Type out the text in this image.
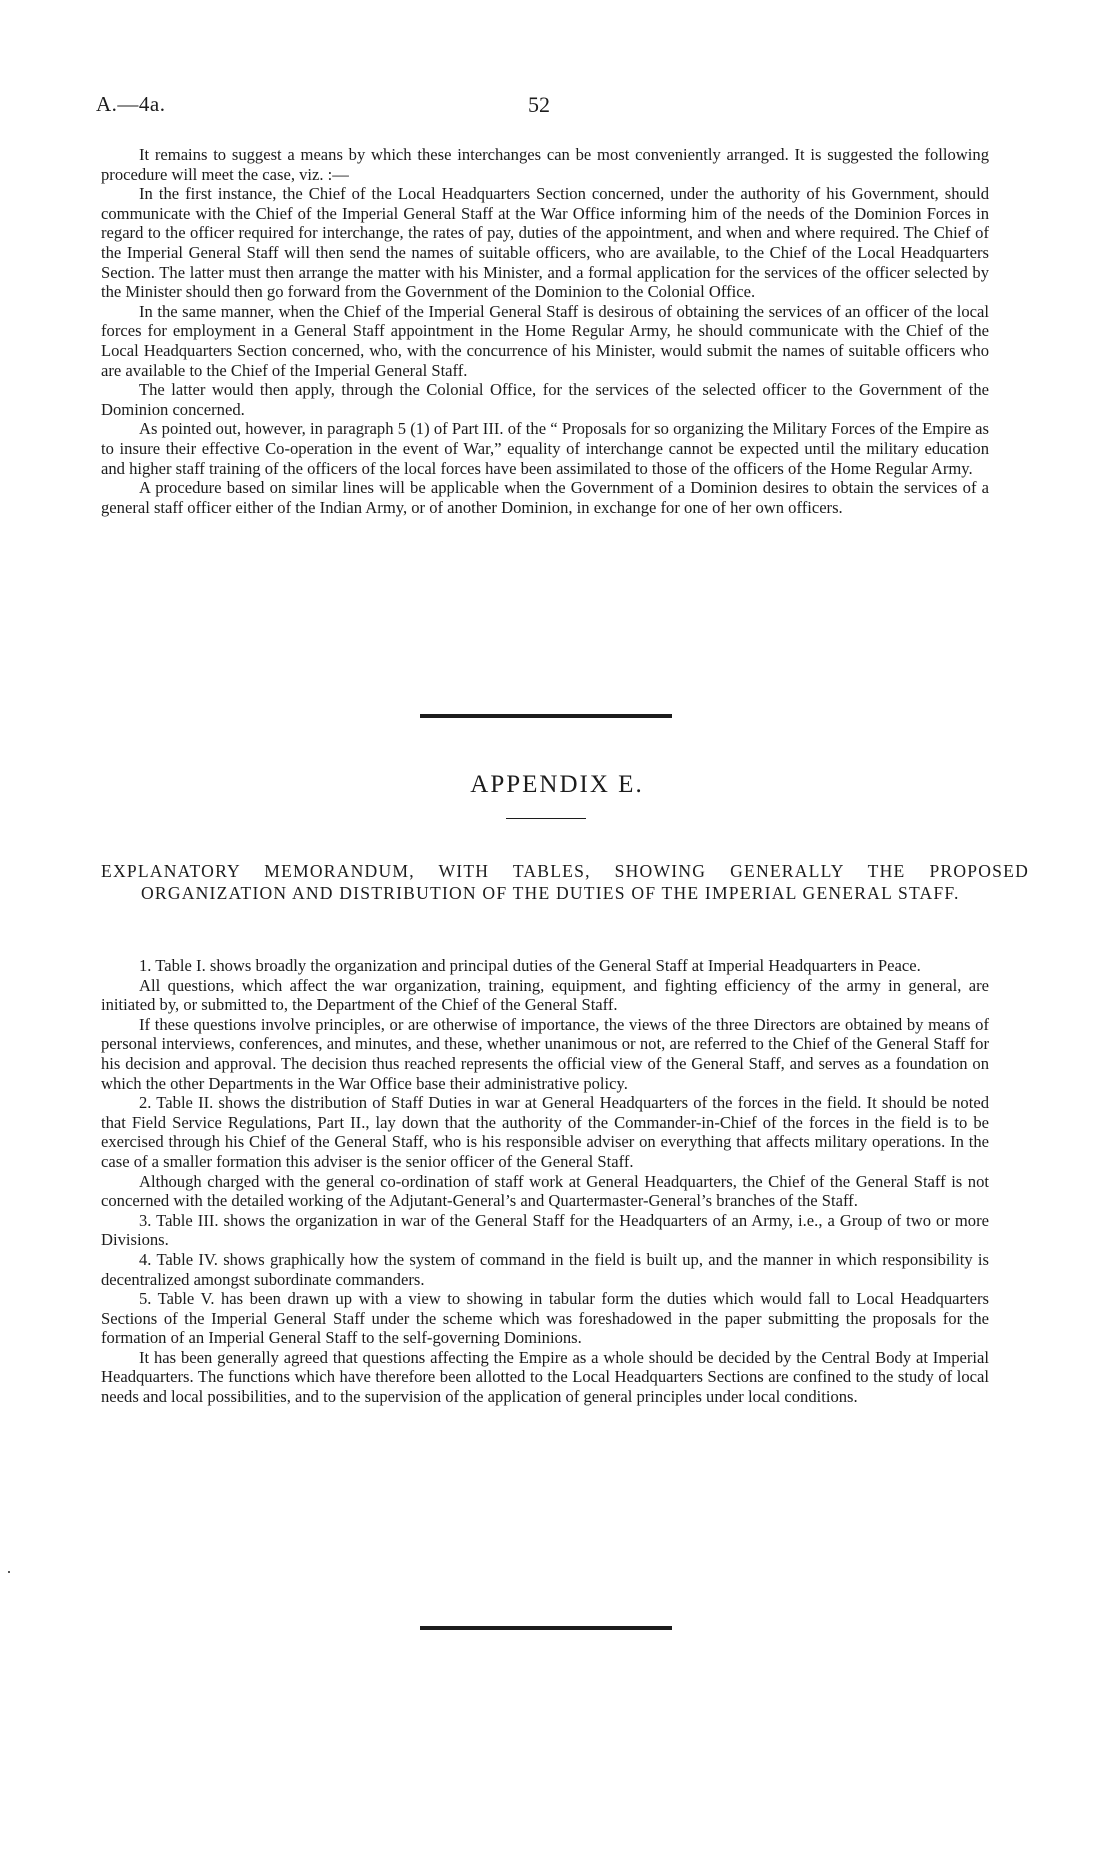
A.—4a.	52

It remains to suggest a means by which these interchanges can be most conveniently arranged. It is suggested the following procedure will meet the case, viz. :—

In the first instance, the Chief of the Local Headquarters Section concerned, under the authority of his Government, should communicate with the Chief of the Imperial General Staff at the War Office informing him of the needs of the Dominion Forces in regard to the officer required for interchange, the rates of pay, duties of the appointment, and when and where required. The Chief of the Imperial General Staff will then send the names of suitable officers, who are available, to the Chief of the Local Headquarters Section. The latter must then arrange the matter with his Minister, and a formal application for the services of the officer selected by the Minister should then go forward from the Government of the Dominion to the Colonial Office.

In the same manner, when the Chief of the Imperial General Staff is desirous of obtaining the services of an officer of the local forces for employment in a General Staff appointment in the Home Regular Army, he should communicate with the Chief of the Local Headquarters Section concerned, who, with the concurrence of his Minister, would submit the names of suitable officers who are available to the Chief of the Imperial General Staff.

The latter would then apply, through the Colonial Office, for the services of the selected officer to the Government of the Dominion concerned.

As pointed out, however, in paragraph 5 (1) of Part III. of the “ Proposals for so organizing the Military Forces of the Empire as to insure their effective Co-operation in the event of War,” equality of interchange cannot be expected until the military education and higher staff training of the officers of the local forces have been assimilated to those of the officers of the Home Regular Army.

A procedure based on similar lines will be applicable when the Government of a Dominion desires to obtain the services of a general staff officer either of the Indian Army, or of another Dominion, in exchange for one of her own officers.

APPENDIX E.
EXPLANATORY MEMORANDUM, WITH TABLES, SHOWING GENERALLY THE PROPOSED ORGANIZATION AND DISTRIBUTION OF THE DUTIES OF THE IMPERIAL GENERAL STAFF.

1. Table I. shows broadly the organization and principal duties of the General Staff at Imperial Headquarters in Peace.

All questions, which affect the war organization, training, equipment, and fighting efficiency of the army in general, are initiated by, or submitted to, the Department of the Chief of the General Staff.

If these questions involve principles, or are otherwise of importance, the views of the three Directors are obtained by means of personal interviews, conferences, and minutes, and these, whether unanimous or not, are referred to the Chief of the General Staff for his decision and approval. The decision thus reached represents the official view of the General Staff, and serves as a foundation on which the other Departments in the War Office base their administrative policy.

2. Table II. shows the distribution of Staff Duties in war at General Headquarters of the forces in the field. It should be noted that Field Service Regulations, Part II., lay down that the authority of the Commander-in-Chief of the forces in the field is to be exercised through his Chief of the General Staff, who is his responsible adviser on everything that affects military operations. In the case of a smaller formation this adviser is the senior officer of the General Staff.

Although charged with the general co-ordination of staff work at General Headquarters, the Chief of the General Staff is not concerned with the detailed working of the Adjutant-General’s and Quartermaster-General’s branches of the Staff.

3. Table III. shows the organization in war of the General Staff for the Headquarters of an Army, i.e., a Group of two or more Divisions.

4. Table IV. shows graphically how the system of command in the field is built up, and the manner in which responsibility is decentralized amongst subordinate commanders.

5. Table V. has been drawn up with a view to showing in tabular form the duties which would fall to Local Headquarters Sections of the Imperial General Staff under the scheme which was foreshadowed in the paper submitting the proposals for the formation of an Imperial General Staff to the self-governing Dominions.

It has been generally agreed that questions affecting the Empire as a whole should be decided by the Central Body at Imperial Headquarters. The functions which have therefore been allotted to the Local Headquarters Sections are confined to the study of local needs and local possibilities, and to the supervision of the application of general principles under local conditions.
